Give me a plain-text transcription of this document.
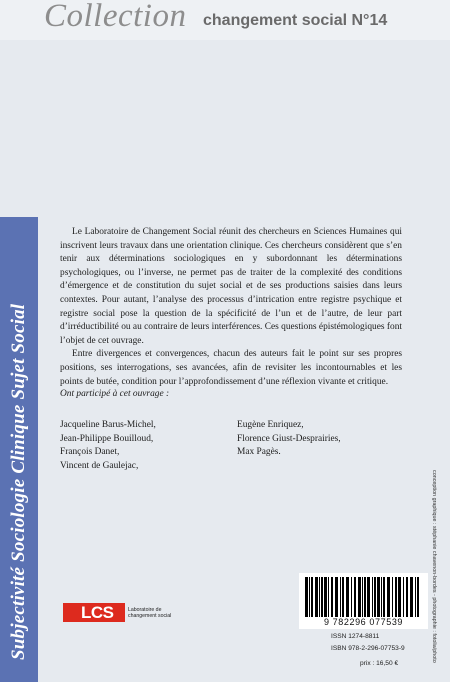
Collection changement social N°14
Subjectivité Sociologie Clinique Sujet Social

Le Laboratoire de Changement Social réunit des chercheurs en Sciences Humaines qui inscrivent leurs travaux dans une orientation clinique. Ces chercheurs considèrent que s’en tenir aux déterminations sociologiques en y subordonnant les déterminations psychologiques, ou l’inverse, ne permet pas de traiter de la complexité des conditions d’émergence et de constitution du sujet social et de ses productions saisies dans leurs contextes. Pour autant, l’analyse des processus d’intrication entre registre psychique et registre social pose la question de la spécificité de l’un et de l’autre, de leur part d’irréductibilité ou au contraire de leurs interférences. Ces questions épistémologiques font l’objet de cet ouvrage.

Entre divergences et convergences, chacun des auteurs fait le point sur ses propres positions, ses interrogations, ses avancées, afin de revisiter les incontournables et les points de butée, condition pour l’approfondissement d’une réflexion vivante et critique.

Ont participé à cet ouvrage :
Jacqueline Barus-Michel,
Jean-Philippe Bouilloud,
François Danet,
Vincent de Gaulejac,
Eugène Enriquez,
Florence Giust-Desprairies,
Max Pagès.
conception graphique : stéphanie chavenon-bordes - photographie : fotolia/photo
LCS	Laboratoire de changement social
9 782296 077539
ISSN 1274-8811
ISBN 978-2-296-07753-9
prix : 16,50 €
